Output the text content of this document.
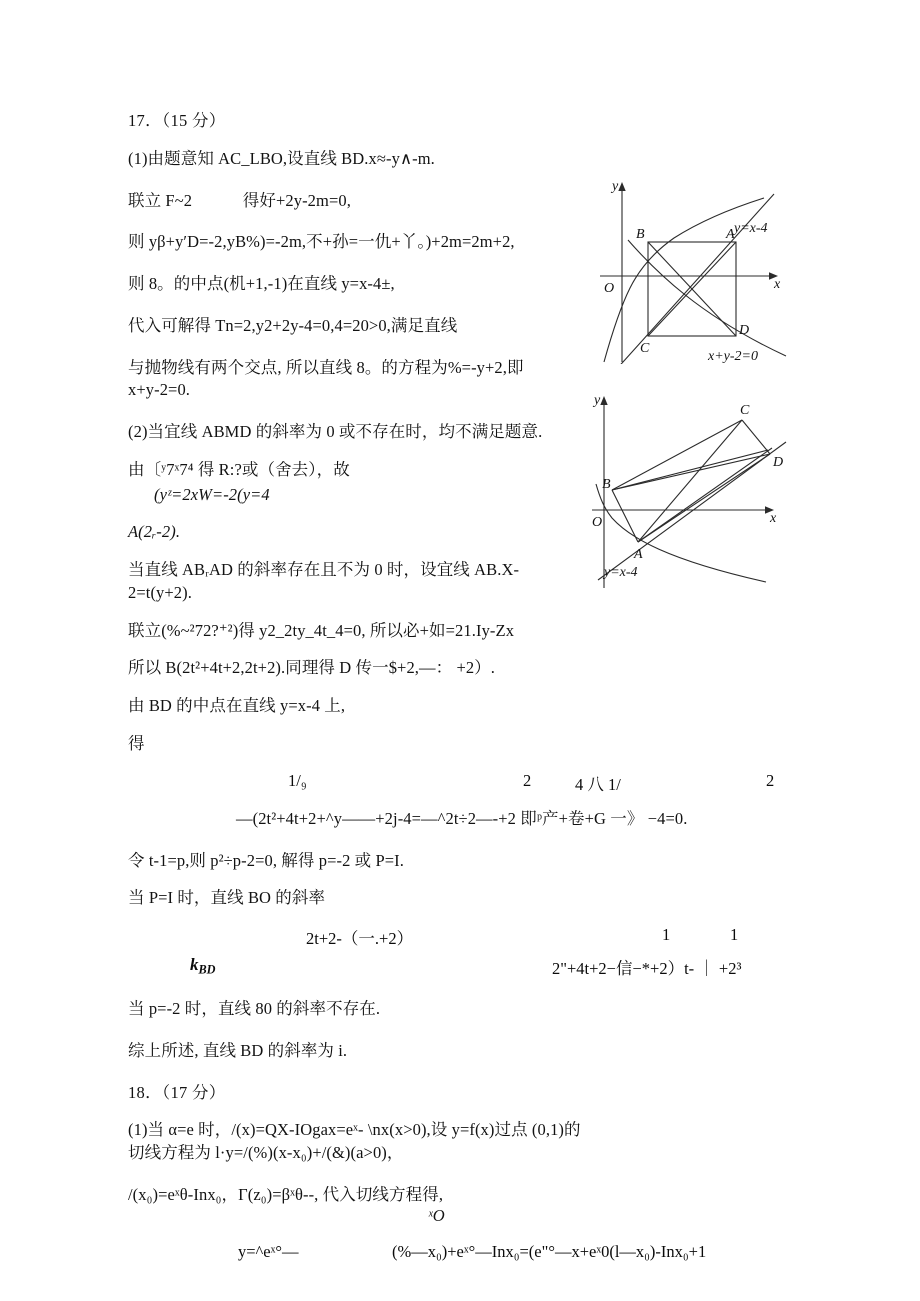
17．（15 分）
(1)由题意知 AC_LBO,设直线 BD.x≈-y∧-m.
联立 F~2            得好+2y-2m=0,
则 yβ+yʹD=-2,yB%)=-2m,不+孙=一仇+丫。)+2m=2m+2,
则 8。的中点(机+1,-1)在直线 y=x-4±,
代入可解得 Tn=2,y2+2y-4=0,4=20>0,满足直线
与抛物线有两个交点, 所以直线 8。的方程为%=-y+2,即 x+y-2=0.
(2)当宜线 ABMD 的斜率为 0 或不存在时，均不满足题意.
由〔ʸ7ˣ7⁴ 得 R:?或（舍去），故
(yᶻ=2xW=-2(y=4
A(2ᵣ-2).
当直线 ABᵣAD 的斜率存在且不为 0 时，设宜线 AB.X-2=t(y+2).
联立(%~²72?⁺²)得 y2_2ty_4t_4=0, 所以必+如=21.Iy-Zx
所以 B(2t²+4t+2,2t+2).同理得 D 传一$+2,—： +2）.
由 BD 的中点在直线 y=x-4 上,
得
1/₉	2	4 八 1/	2
—(2t²+4t+2+^y——+2j-4=—^2t÷2—-+2 即ᵖ产+卷+G 一》 −4=0.
令 t-1=p,则 p²÷p-2=0, 解得 p=-2 或 P=I.
当 P=I 时，直线 BO 的斜率
$k_{BD}$
2t+2-（一.+2）	1	1
2"+4t+2−信−*+2）t- ｜ +2³
当 p=-2 时，直线 80 的斜率不存在.
综上所述, 直线 BD 的斜率为 i.
18．（17 分）
(1)当 α=e 时，/(x)=QX-IOgax=eˣ- \nx(x>0),设 y=f(x)过点 (0,1)的切线方程为 l·y=/(%)(x-x₀)+/(&)(a>0)，
/(x₀)=eˣθ-Inx₀，Γ(z₀)=βˣθ--, 代入切线方程得,
ˣO
y=^eˣ°—	(%—x₀)+eˣ°—Inx₀=(e"°—x+eˣ0(l—x₀)-Inx₀+1
y
x
O
B	A
C
D
y=x-4
x+y-2=0
y
x
O
C
D
B
A
y=x-4
